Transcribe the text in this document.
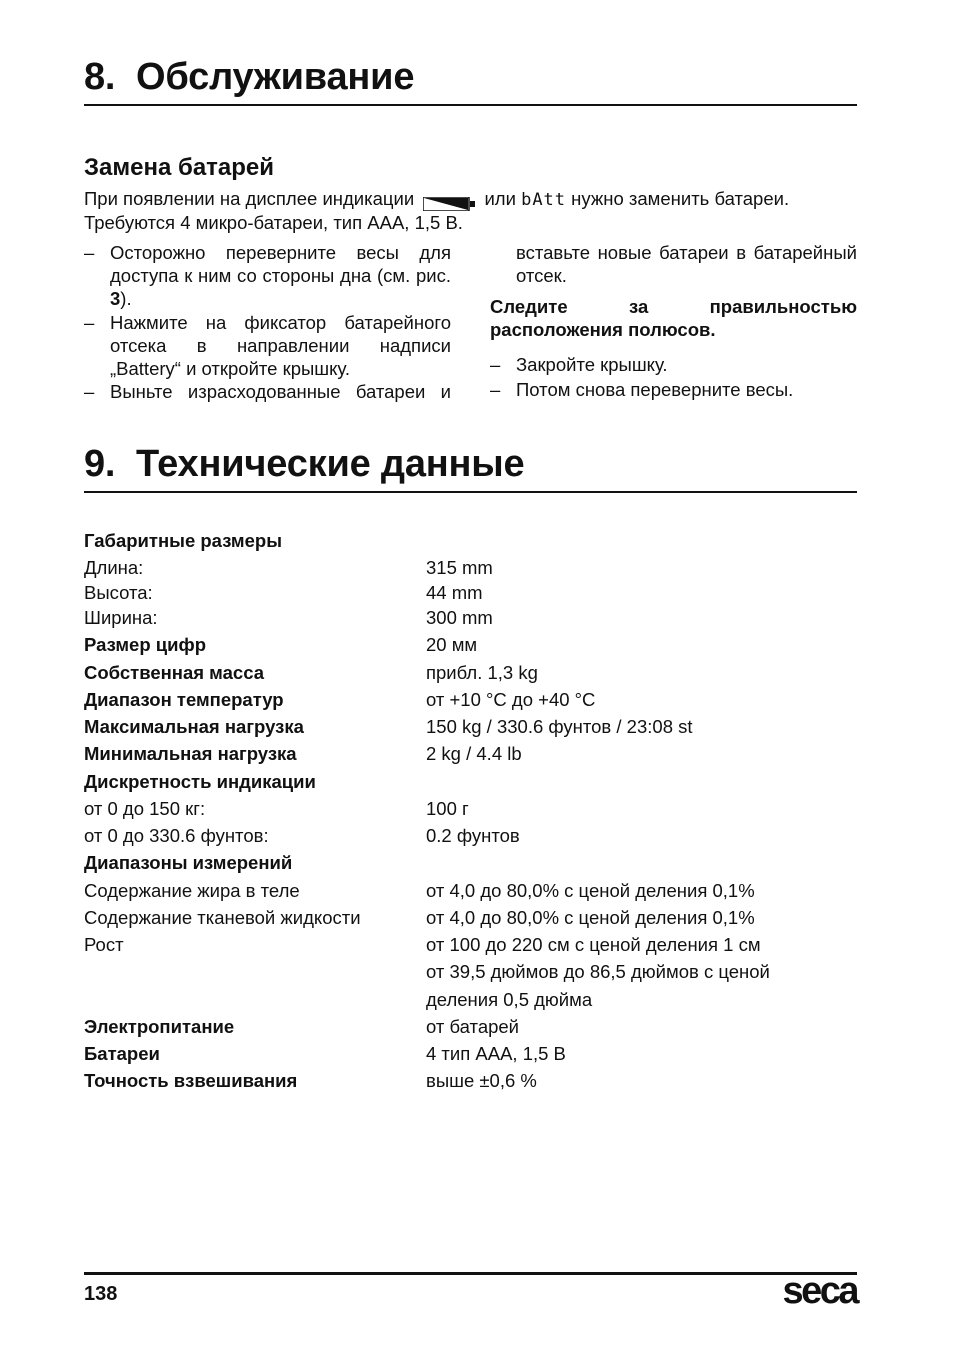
8.  Обслуживание
Замена батарей
При появлении на дисплее индикации	или bAtt нужно заменить батареи.
Требуются 4 микро-батареи, тип AAA, 1,5 В.
– Осторожно переверните весы для доступа к ним со стороны дна (см. рис. 3).
– Нажмите на фиксатор батарейного отсека в направлении надписи „Battery“ и откройте крышку.
– Выньте израсходованные батареи и
вставьте новые батареи в батарейный отсек.
Следите за правильностью расположения полюсов.
– Закройте крышку.
– Потом снова переверните весы.
9.  Технические данные
Габаритные размеры
Длина:	315 mm
Высота:	44 mm
Ширина:	300 mm
Размер цифр	20 мм
Собственная масса	прибл. 1,3 kg
Диапазон температур	от +10 °C до +40 °C
Максимальная нагрузка	150 kg / 330.6 фунтов / 23:08 st
Минимальная нагрузка	2 kg / 4.4 lb
Дискретность индикации
от 0 до 150 кг:	100 г
от 0 до 330.6 фунтов:	0.2 фунтов
Диапазоны измерений
Содержание жира в теле	от 4,0 до 80,0% с ценой деления 0,1%
Содержание тканевой жидкости	от 4,0 до 80,0% с ценой деления 0,1%
Рост	от 100 до 220 см с ценой деления 1 см
от 39,5 дюймов до 86,5 дюймов с ценой
деления 0,5 дюйма
Электропитание	от батарей
Батареи	4 тип AAA, 1,5 В
Точность взвешивания	выше ±0,6 %
138	seca
